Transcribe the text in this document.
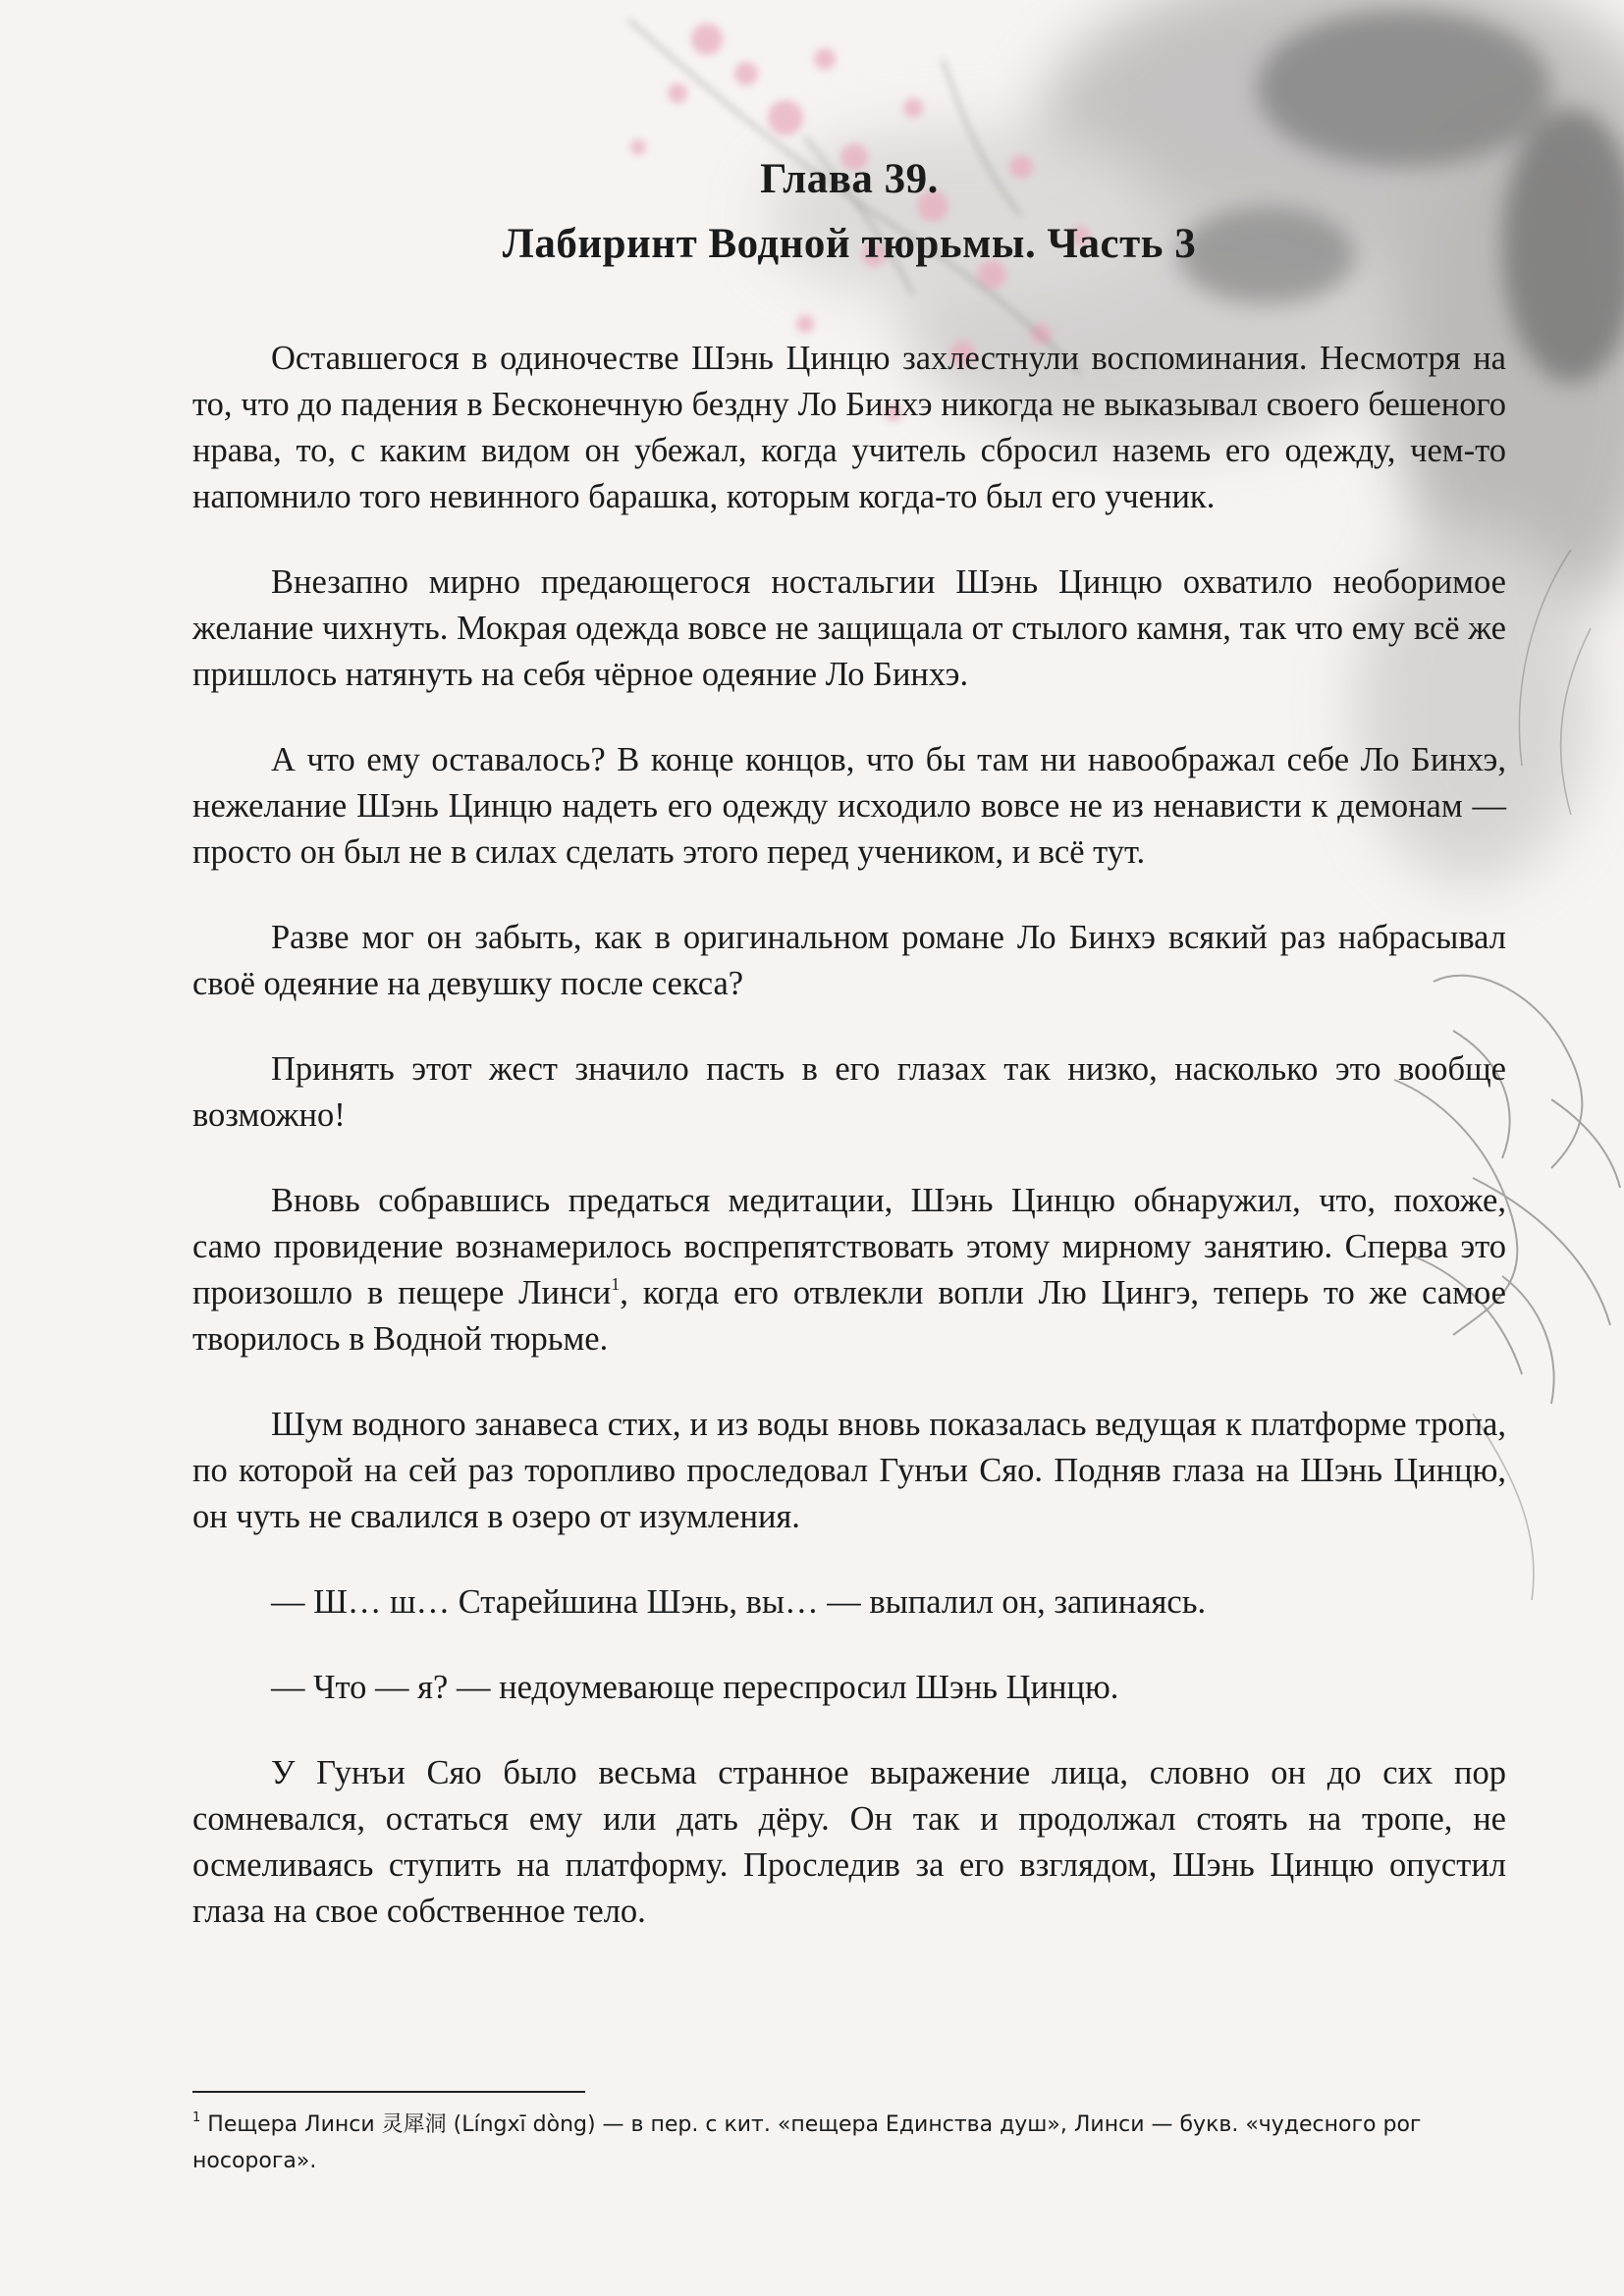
Глава 39.
Лабиринт Водной тюрьмы. Часть 3

Оставшегося в одиночестве Шэнь Цинцю захлестнули воспоминания. Несмотря на то, что до падения в Бесконечную бездну Ло Бинхэ никогда не выказывал своего бешеного нрава, то, с каким видом он убежал, когда учитель сбросил наземь его одежду, чем-то напомнило того невинного барашка, которым когда-то был его ученик.

Внезапно мирно предающегося ностальгии Шэнь Цинцю охватило необоримое желание чихнуть. Мокрая одежда вовсе не защищала от стылого камня, так что ему всё же пришлось натянуть на себя чёрное одеяние Ло Бинхэ.

А что ему оставалось? В конце концов, что бы там ни навоображал себе Ло Бинхэ, нежелание Шэнь Цинцю надеть его одежду исходило вовсе не из ненависти к демонам — просто он был не в силах сделать этого перед учеником, и всё тут.

Разве мог он забыть, как в оригинальном романе Ло Бинхэ всякий раз набрасывал своё одеяние на девушку после секса?

Принять этот жест значило пасть в его глазах так низко, насколько это вообще возможно!

Вновь собравшись предаться медитации, Шэнь Цинцю обнаружил, что, похоже, само провидение вознамерилось воспрепятствовать этому мирному занятию. Сперва это произошло в пещере Линси$^1$, когда его отвлекли вопли Лю Цингэ, теперь то же самое творилось в Водной тюрьме.

Шум водного занавеса стих, и из воды вновь показалась ведущая к платформе тропа, по которой на сей раз торопливо проследовал Гунъи Сяо. Подняв глаза на Шэнь Цинцю, он чуть не свалился в озеро от изумления.

— Ш… ш… Старейшина Шэнь, вы… — выпалил он, запинаясь.

— Что — я? — недоумевающе переспросил Шэнь Цинцю.

У Гунъи Сяо было весьма странное выражение лица, словно он до сих пор сомневался, остаться ему или дать дёру. Он так и продолжал стоять на тропе, не осмеливаясь ступить на платформу. Проследив за его взглядом, Шэнь Цинцю опустил глаза на свое собственное тело.

$^1$ Пещера Линси 灵犀洞 (Língxī dòng) — в пер. с кит. «пещера Единства душ», Линси — букв. «чудесного рог носорога».
